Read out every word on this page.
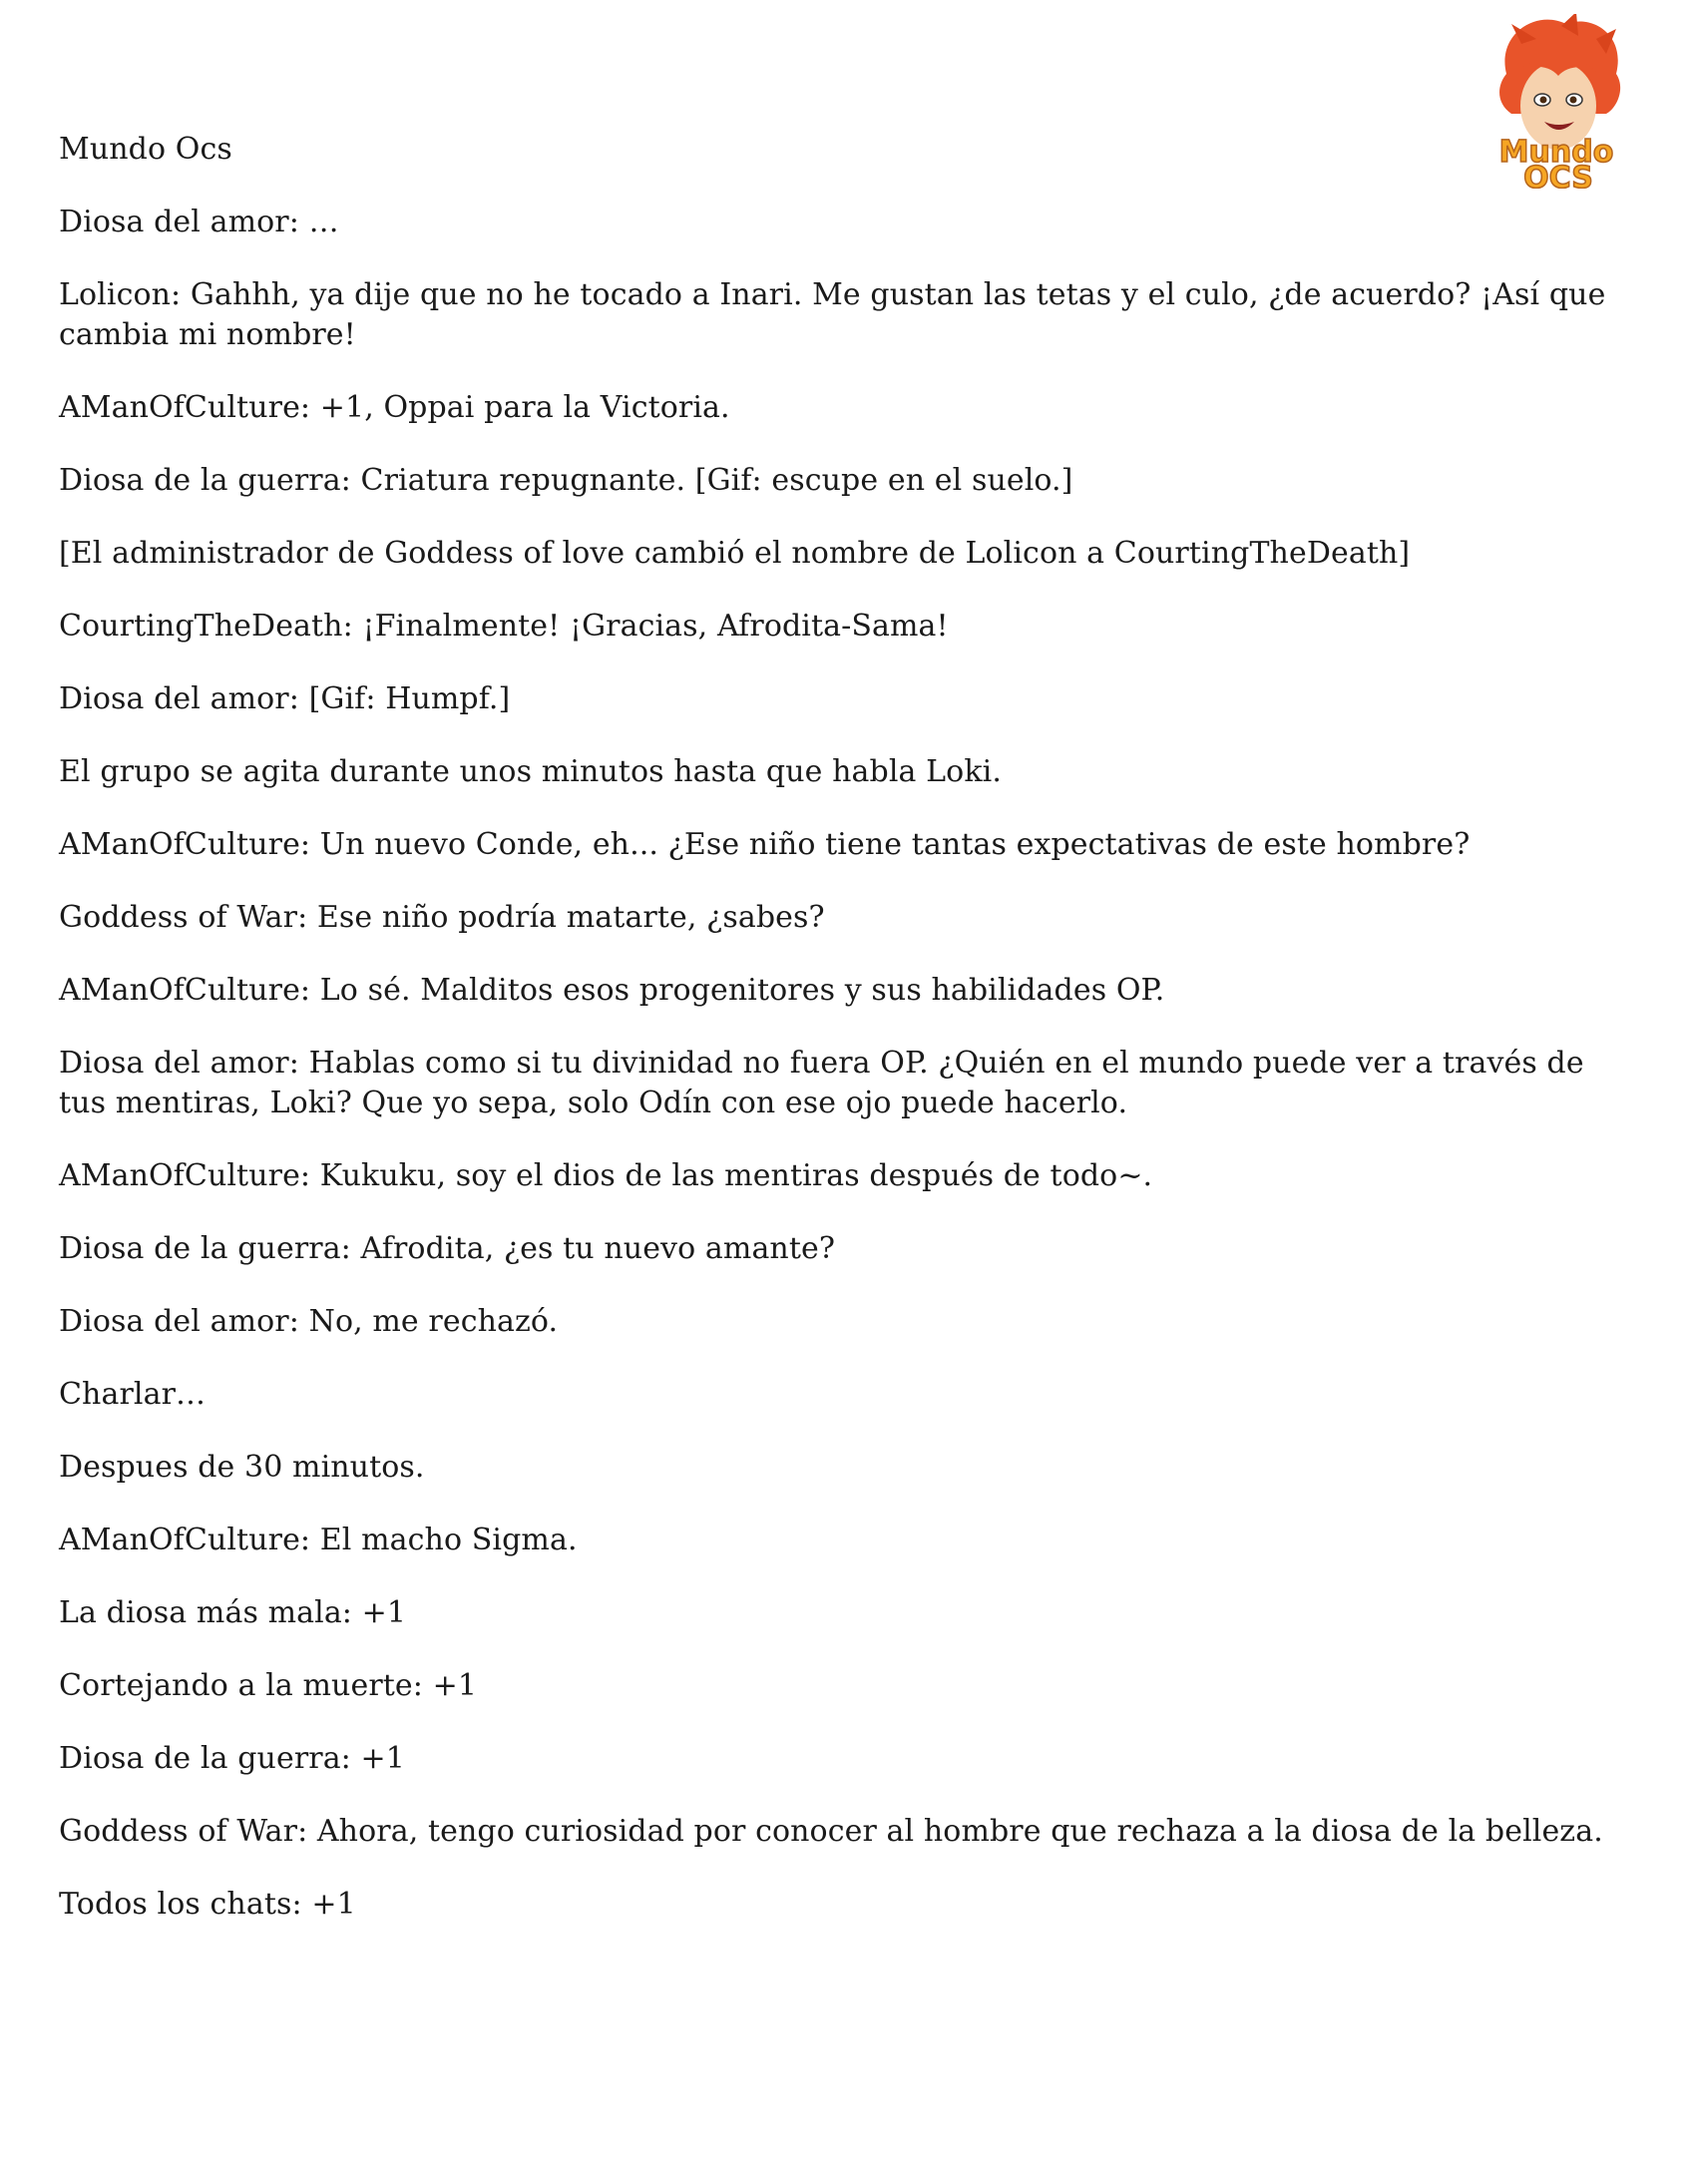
Mundo
OCS

Mundo Ocs

Diosa del amor: …

Lolicon: Gahhh, ya dije que no he tocado a Inari. Me gustan las tetas y el culo, ¿de acuerdo? ¡Así que cambia mi nombre!

AManOfCulture: +1, Oppai para la Victoria.

Diosa de la guerra: Criatura repugnante. [Gif: escupe en el suelo.]

[El administrador de Goddess of love cambió el nombre de Lolicon a CourtingTheDeath]

CourtingTheDeath: ¡Finalmente! ¡Gracias, Afrodita-Sama!

Diosa del amor: [Gif: Humpf.]

El grupo se agita durante unos minutos hasta que habla Loki.

AManOfCulture: Un nuevo Conde, eh... ¿Ese niño tiene tantas expectativas de este hombre?

Goddess of War: Ese niño podría matarte, ¿sabes?

AManOfCulture: Lo sé. Malditos esos progenitores y sus habilidades OP.

Diosa del amor: Hablas como si tu divinidad no fuera OP. ¿Quién en el mundo puede ver a través de tus mentiras, Loki? Que yo sepa, solo Odín con ese ojo puede hacerlo.

AManOfCulture: Kukuku, soy el dios de las mentiras después de todo~.

Diosa de la guerra: Afrodita, ¿es tu nuevo amante?

Diosa del amor: No, me rechazó.

Charlar…

Despues de 30 minutos.

AManOfCulture: El macho Sigma.

La diosa más mala: +1

Cortejando a la muerte: +1

Diosa de la guerra: +1

Goddess of War: Ahora, tengo curiosidad por conocer al hombre que rechaza a la diosa de la belleza.

Todos los chats: +1
